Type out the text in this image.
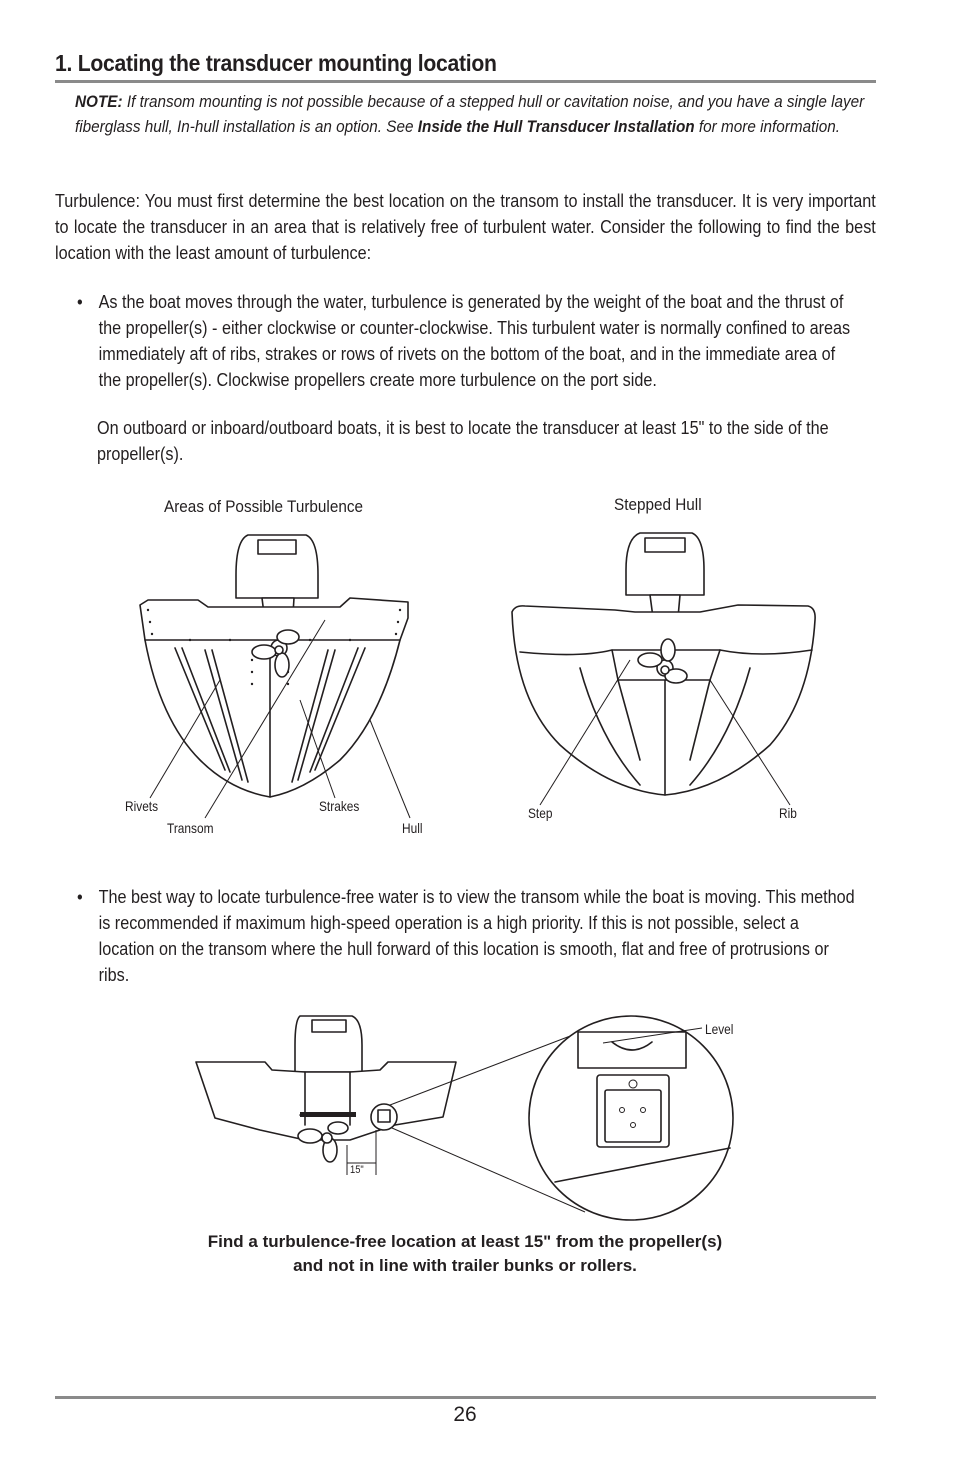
1. Locating the transducer mounting location
NOTE: If transom mounting is not possible because of a stepped hull or cavitation noise, and you have a single layer fiberglass hull, In-hull installation is an option. See Inside the Hull Transducer Installation for more information.
Turbulence: You must first determine the best location on the transom to install the transducer. It is very important to locate the transducer in an area that is relatively free of turbulent water. Consider the following to find the best location with the least amount of turbulence:
• As the boat moves through the water, turbulence is generated by the weight of the boat and the thrust of the propeller(s) - either clockwise or counter-clockwise. This turbulent water is normally confined to areas immediately aft of ribs, strakes or rows of rivets on the bottom of the boat, and in the immediate area of the propeller(s). Clockwise propellers create more turbulence on the port side.
On outboard or inboard/outboard boats, it is best to locate the transducer at least 15" to the side of the propeller(s).
Areas of Possible Turbulence	Stepped Hull
Rivets
Transom
Strakes
Hull
Step	Rib
• The best way to locate turbulence-free water is to view the transom while the boat is moving. This method is recommended if maximum high-speed operation is a high priority. If this is not possible, select a location on the transom where the hull forward of this location is smooth, flat and free of protrusions or ribs.
Level
15"
Find a turbulence-free location at least 15" from the propeller(s)
and not in line with trailer bunks or rollers.
26
